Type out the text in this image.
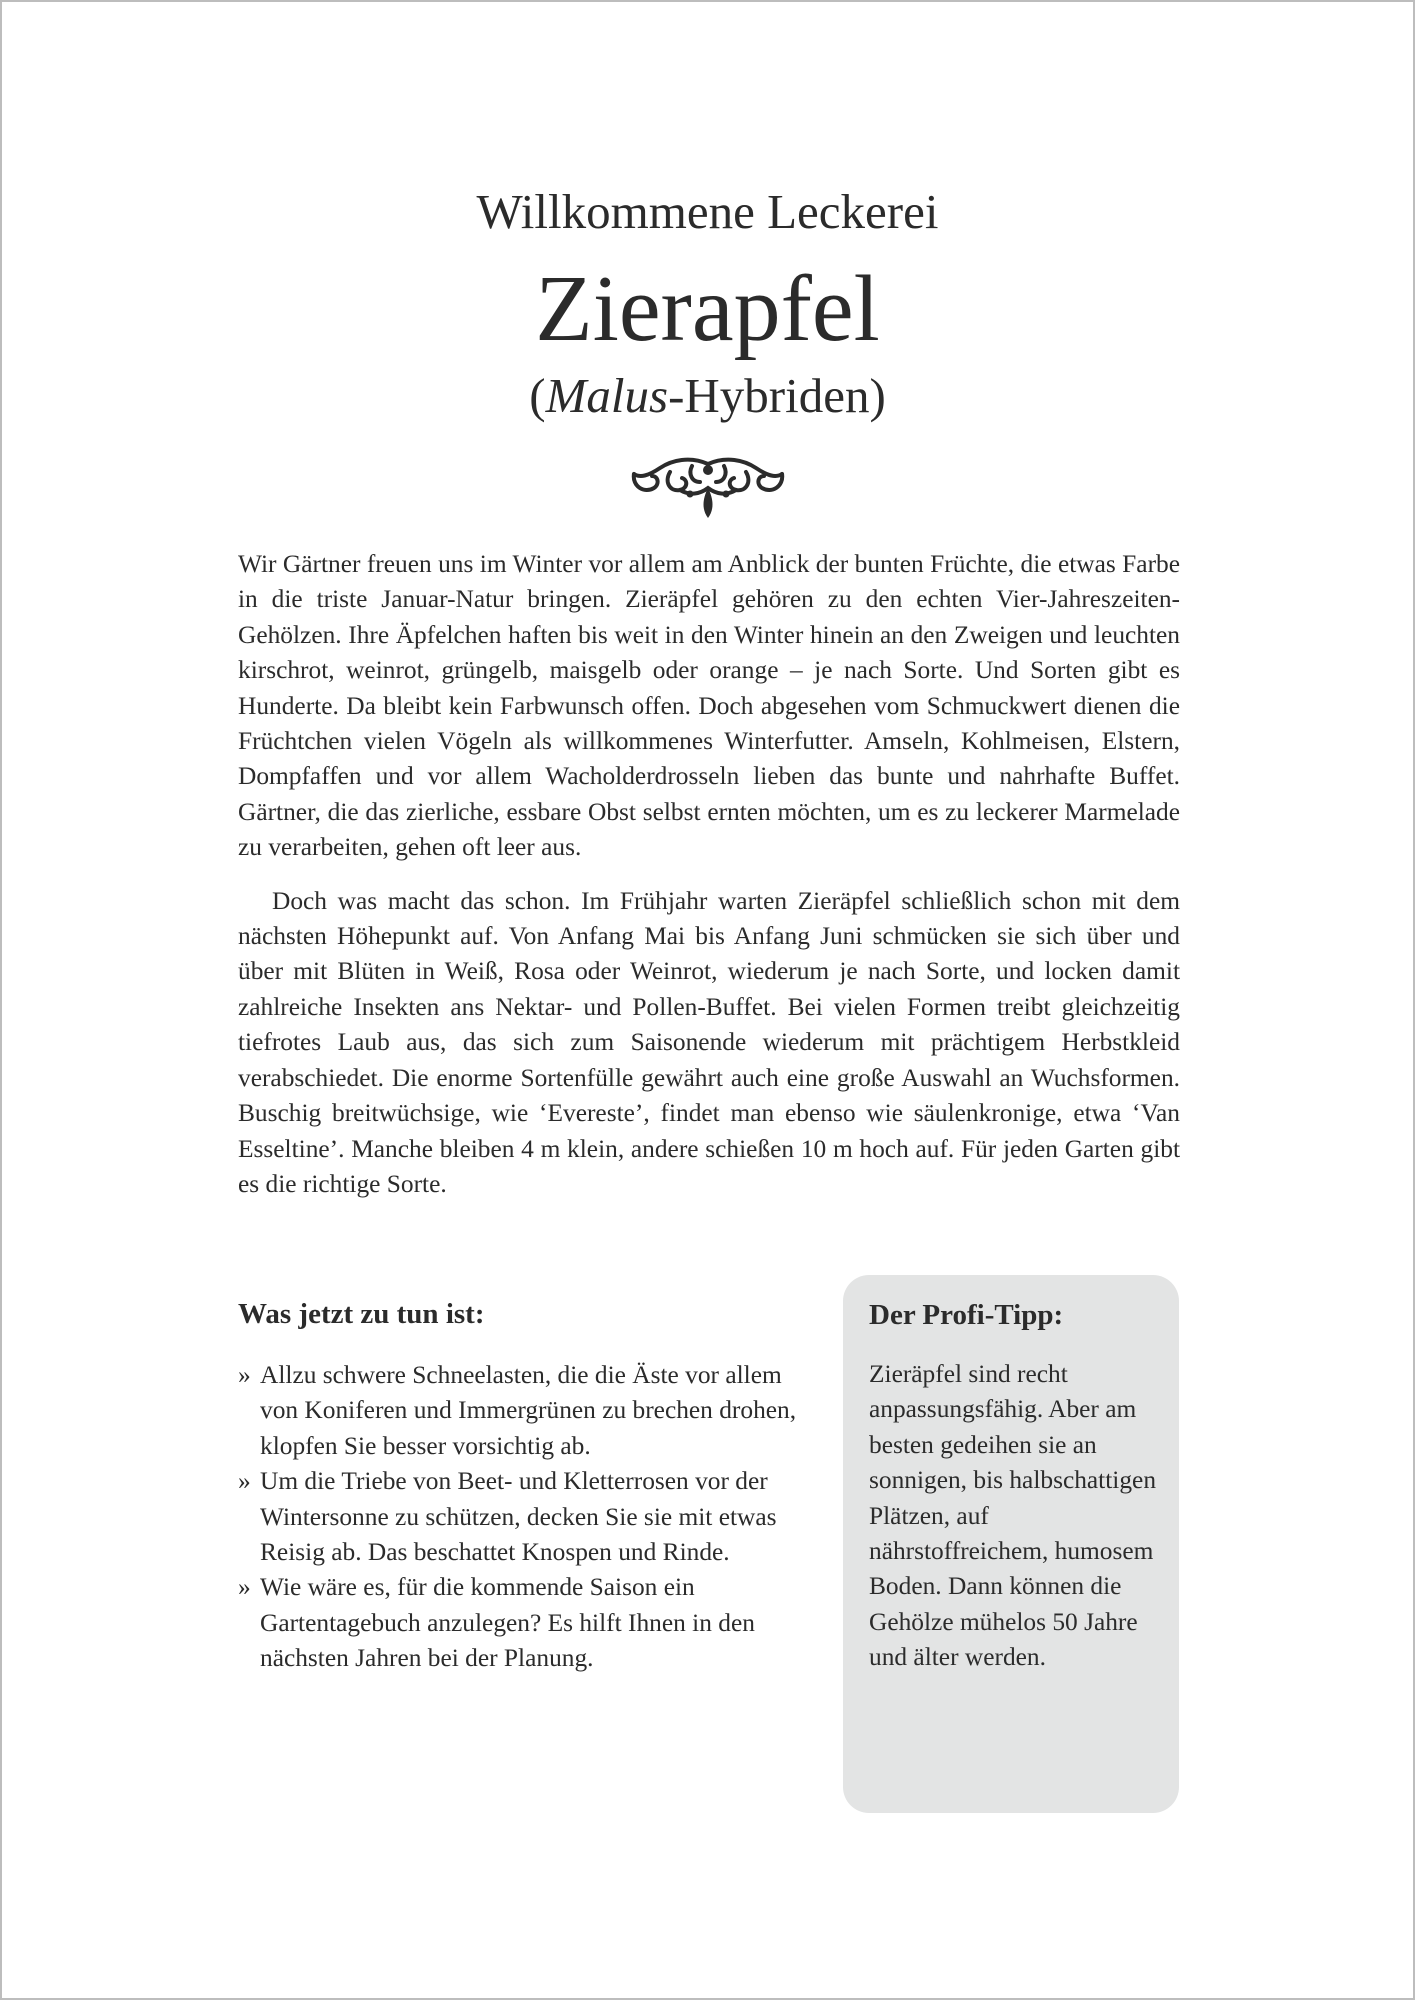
Willkommene Leckerei
Zierapfel
(Malus-Hybriden)

Wir Gärtner freuen uns im Winter vor allem am Anblick der bunten Früchte, die etwas Farbe in die triste Januar-Natur bringen. Zieräpfel gehören zu den echten Vier-Jahreszeiten-Gehölzen. Ihre Äpfelchen haften bis weit in den Winter hinein an den Zweigen und leuchten kirschrot, weinrot, grüngelb, maisgelb oder orange – je nach Sorte. Und Sorten gibt es Hunderte. Da bleibt kein Farbwunsch offen. Doch abgesehen vom Schmuckwert dienen die Früchtchen vielen Vögeln als willkommenes Winterfutter. Amseln, Kohlmeisen, Elstern, Dompfaffen und vor allem Wacholderdrosseln lieben das bunte und nahrhafte Buffet. Gärtner, die das zierliche, essbare Obst selbst ernten möchten, um es zu leckerer Marmelade zu verarbeiten, gehen oft leer aus.

Doch was macht das schon. Im Frühjahr warten Zieräpfel schließlich schon mit dem nächsten Höhepunkt auf. Von Anfang Mai bis Anfang Juni schmücken sie sich über und über mit Blüten in Weiß, Rosa oder Weinrot, wiederum je nach Sorte, und locken damit zahlreiche Insekten ans Nektar- und Pollen-Buffet. Bei vielen Formen treibt gleichzeitig tiefrotes Laub aus, das sich zum Saisonende wiederum mit prächtigem Herbstkleid verabschiedet. Die enorme Sortenfülle gewährt auch eine große Auswahl an Wuchsformen. Buschig breitwüchsige, wie ‘Evereste’, findet man ebenso wie säulenkronige, etwa ‘Van Esseltine’. Manche bleiben 4 m klein, andere schießen 10 m hoch auf. Für jeden Garten gibt es die richtige Sorte.

Was jetzt zu tun ist:
» Allzu schwere Schneelasten, die die Äste vor allem von Koniferen und Immergrünen zu brechen drohen, klopfen Sie besser vorsichtig ab.
» Um die Triebe von Beet- und Kletterrosen vor der Wintersonne zu schützen, decken Sie sie mit etwas Reisig ab. Das beschattet Knospen und Rinde.
» Wie wäre es, für die kommende Saison ein Gartentagebuch anzulegen? Es hilft Ihnen in den nächsten Jahren bei der Planung.
Der Profi-Tipp:

Zieräpfel sind recht anpassungsfähig. Aber am besten gedeihen sie an sonnigen, bis halbschattigen Plätzen, auf nährstoffreichem, humosem Boden. Dann können die Gehölze mühelos 50 Jahre und älter werden.
